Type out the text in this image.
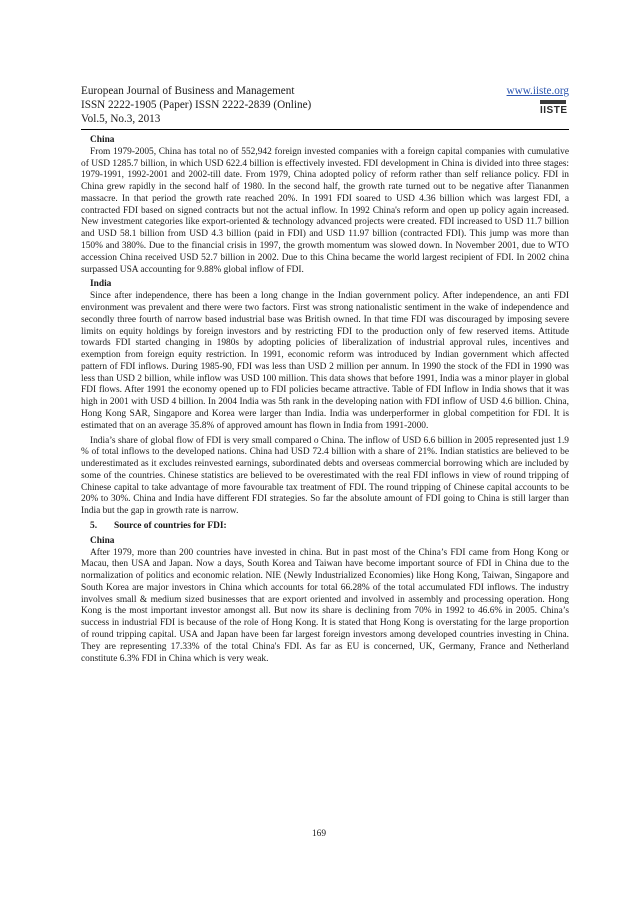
European Journal of Business and Management
ISSN 2222-1905 (Paper) ISSN 2222-2839 (Online)
Vol.5, No.3, 2013
www.iiste.org
IISTE
China

From 1979-2005, China has total no of 552,942 foreign invested companies with a foreign capital companies with cumulative of USD 1285.7 billion, in which USD 622.4 billion is effectively invested. FDI development in China is divided into three stages: 1979-1991, 1992-2001 and 2002-till date. From 1979, China adopted policy of reform rather than self reliance policy. FDI in China grew rapidly in the second half of 1980. In the second half, the growth rate turned out to be negative after Tiananmen massacre. In that period the growth rate reached 20%. In 1991 FDI soared to USD 4.36 billion which was largest FDI, a contracted FDI based on signed contracts but not the actual inflow. In 1992 China's reform and open up policy again increased. New investment categories like export-oriented & technology advanced projects were created. FDI increased to USD 11.7 billion and USD 58.1 billion from USD 4.3 billion (paid in FDI) and USD 11.97 billion (contracted FDI). This jump was more than 150% and 380%. Due to the financial crisis in 1997, the growth momentum was slowed down. In November 2001, due to WTO accession China received USD 52.7 billion in 2002. Due to this China became the world largest recipient of FDI. In 2002 china surpassed USA accounting for 9.88% global inflow of FDI.

India

Since after independence, there has been a long change in the Indian government policy. After independence, an anti FDI environment was prevalent and there were two factors. First was strong nationalistic sentiment in the wake of independence and secondly three fourth of narrow based industrial base was British owned. In that time FDI was discouraged by imposing severe limits on equity holdings by foreign investors and by restricting FDI to the production only of few reserved items. Attitude towards FDI started changing in 1980s by adopting policies of liberalization of industrial approval rules, incentives and exemption from foreign equity restriction. In 1991, economic reform was introduced by Indian government which affected pattern of FDI inflows. During 1985-90, FDI was less than USD 2 million per annum. In 1990 the stock of the FDI in 1990 was less than USD 2 billion, while inflow was USD 100 million. This data shows that before 1991, India was a minor player in global FDI flows. After 1991 the economy opened up to FDI policies became attractive. Table of FDI Inflow in India shows that it was high in 2001 with USD 4 billion. In 2004 India was 5th rank in the developing nation with FDI inflow of USD 4.6 billion. China, Hong Kong SAR, Singapore and Korea were larger than India. India was underperformer in global competition for FDI. It is estimated that on an average 35.8% of approved amount has flown in India from 1991-2000.

India’s share of global flow of FDI is very small compared o China. The inflow of USD 6.6 billion in 2005 represented just 1.9 % of total inflows to the developed nations. China had USD 72.4 billion with a share of 21%. Indian statistics are believed to be underestimated as it excludes reinvested earnings, subordinated debts and overseas commercial borrowing which are included by some of the countries. Chinese statistics are believed to be overestimated with the real FDI inflows in view of round tripping of Chinese capital to take advantage of more favourable tax treatment of FDI. The round tripping of Chinese capital accounts to be 20% to 30%. China and India have different FDI strategies. So far the absolute amount of FDI going to China is still larger than India but the gap in growth rate is narrow.

5. Source of countries for FDI:
China

After 1979, more than 200 countries have invested in china. But in past most of the China’s FDI came from Hong Kong or Macau, then USA and Japan. Now a days, South Korea and Taiwan have become important source of FDI in China due to the normalization of politics and economic relation. NIE (Newly Industrialized Economies) like Hong Kong, Taiwan, Singapore and South Korea are major investors in China which accounts for total 66.28% of the total accumulated FDI inflows. The industry involves small & medium sized businesses that are export oriented and involved in assembly and processing operation. Hong Kong is the most important investor amongst all. But now its share is declining from 70% in 1992 to 46.6% in 2005. China’s success in industrial FDI is because of the role of Hong Kong. It is stated that Hong Kong is overstating for the large proportion of round tripping capital. USA and Japan have been far largest foreign investors among developed countries investing in China. They are representing 17.33% of the total China's FDI. As far as EU is concerned, UK, Germany, France and Netherland constitute 6.3% FDI in China which is very weak.

169
